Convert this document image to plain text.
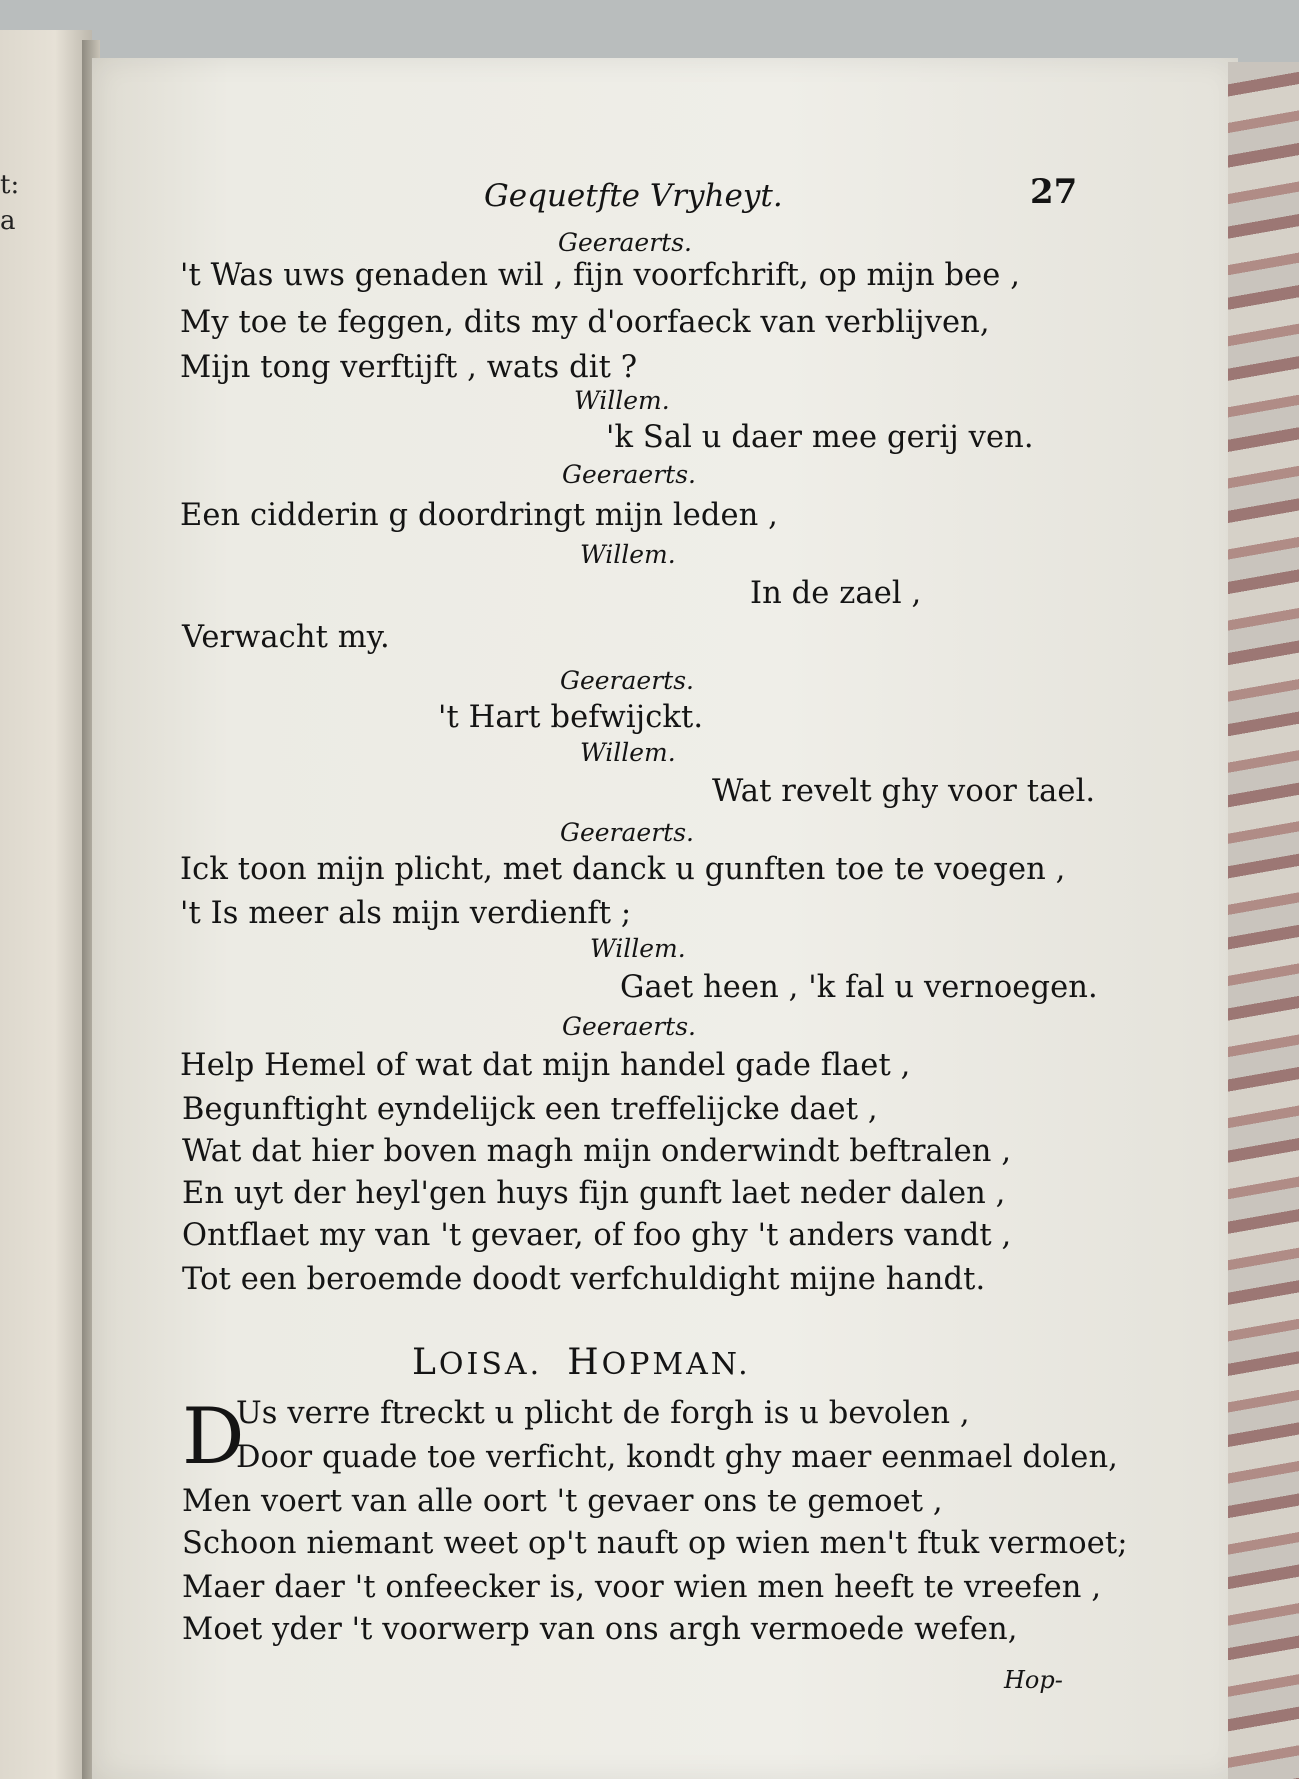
t:
a
Gequetfte Vryheyt.	27
Geeraerts.
't Was uws genaden wil , fijn voorfchrift, op mijn bee ,
My toe te feggen, dits my d'oorfaeck van verblijven,
Mijn tong verftijft , wats dit ?
Willem.
'k Sal u daer mee gerij ven.
Geeraerts.
Een cidderin g doordringt mijn leden ,
Willem.
In de zael ,
Verwacht my.
Geeraerts.
't Hart befwijckt.
Willem.
Wat revelt ghy voor tael.
Geeraerts.
Ick toon mijn plicht, met danck u gunften toe te voegen ,
't Is meer als mijn verdienft ;
Willem.
Gaet heen , 'k fal u vernoegen.
Geeraerts.
Help Hemel of wat dat mijn handel gade flaet ,
Begunftight eyndelijck een treffelijcke daet ,
Wat dat hier boven magh mijn onderwindt beftralen ,
En uyt der heyl'gen huys fijn gunft laet neder dalen ,
Ontflaet my van 't gevaer, of foo ghy 't anders vandt ,
Tot een beroemde doodt verfchuldight mijne handt.
LOISA. HOPMAN.
D
Us verre ftreckt u plicht de forgh is u bevolen ,
Door quade toe verficht, kondt ghy maer eenmael dolen,
Men voert van alle oort 't gevaer ons te gemoet ,
Schoon niemant weet op't nauft op wien men't ftuk vermoet;
Maer daer 't onfeecker is, voor wien men heeft te vreefen ,
Moet yder 't voorwerp van ons argh vermoede wefen,
Hop-
